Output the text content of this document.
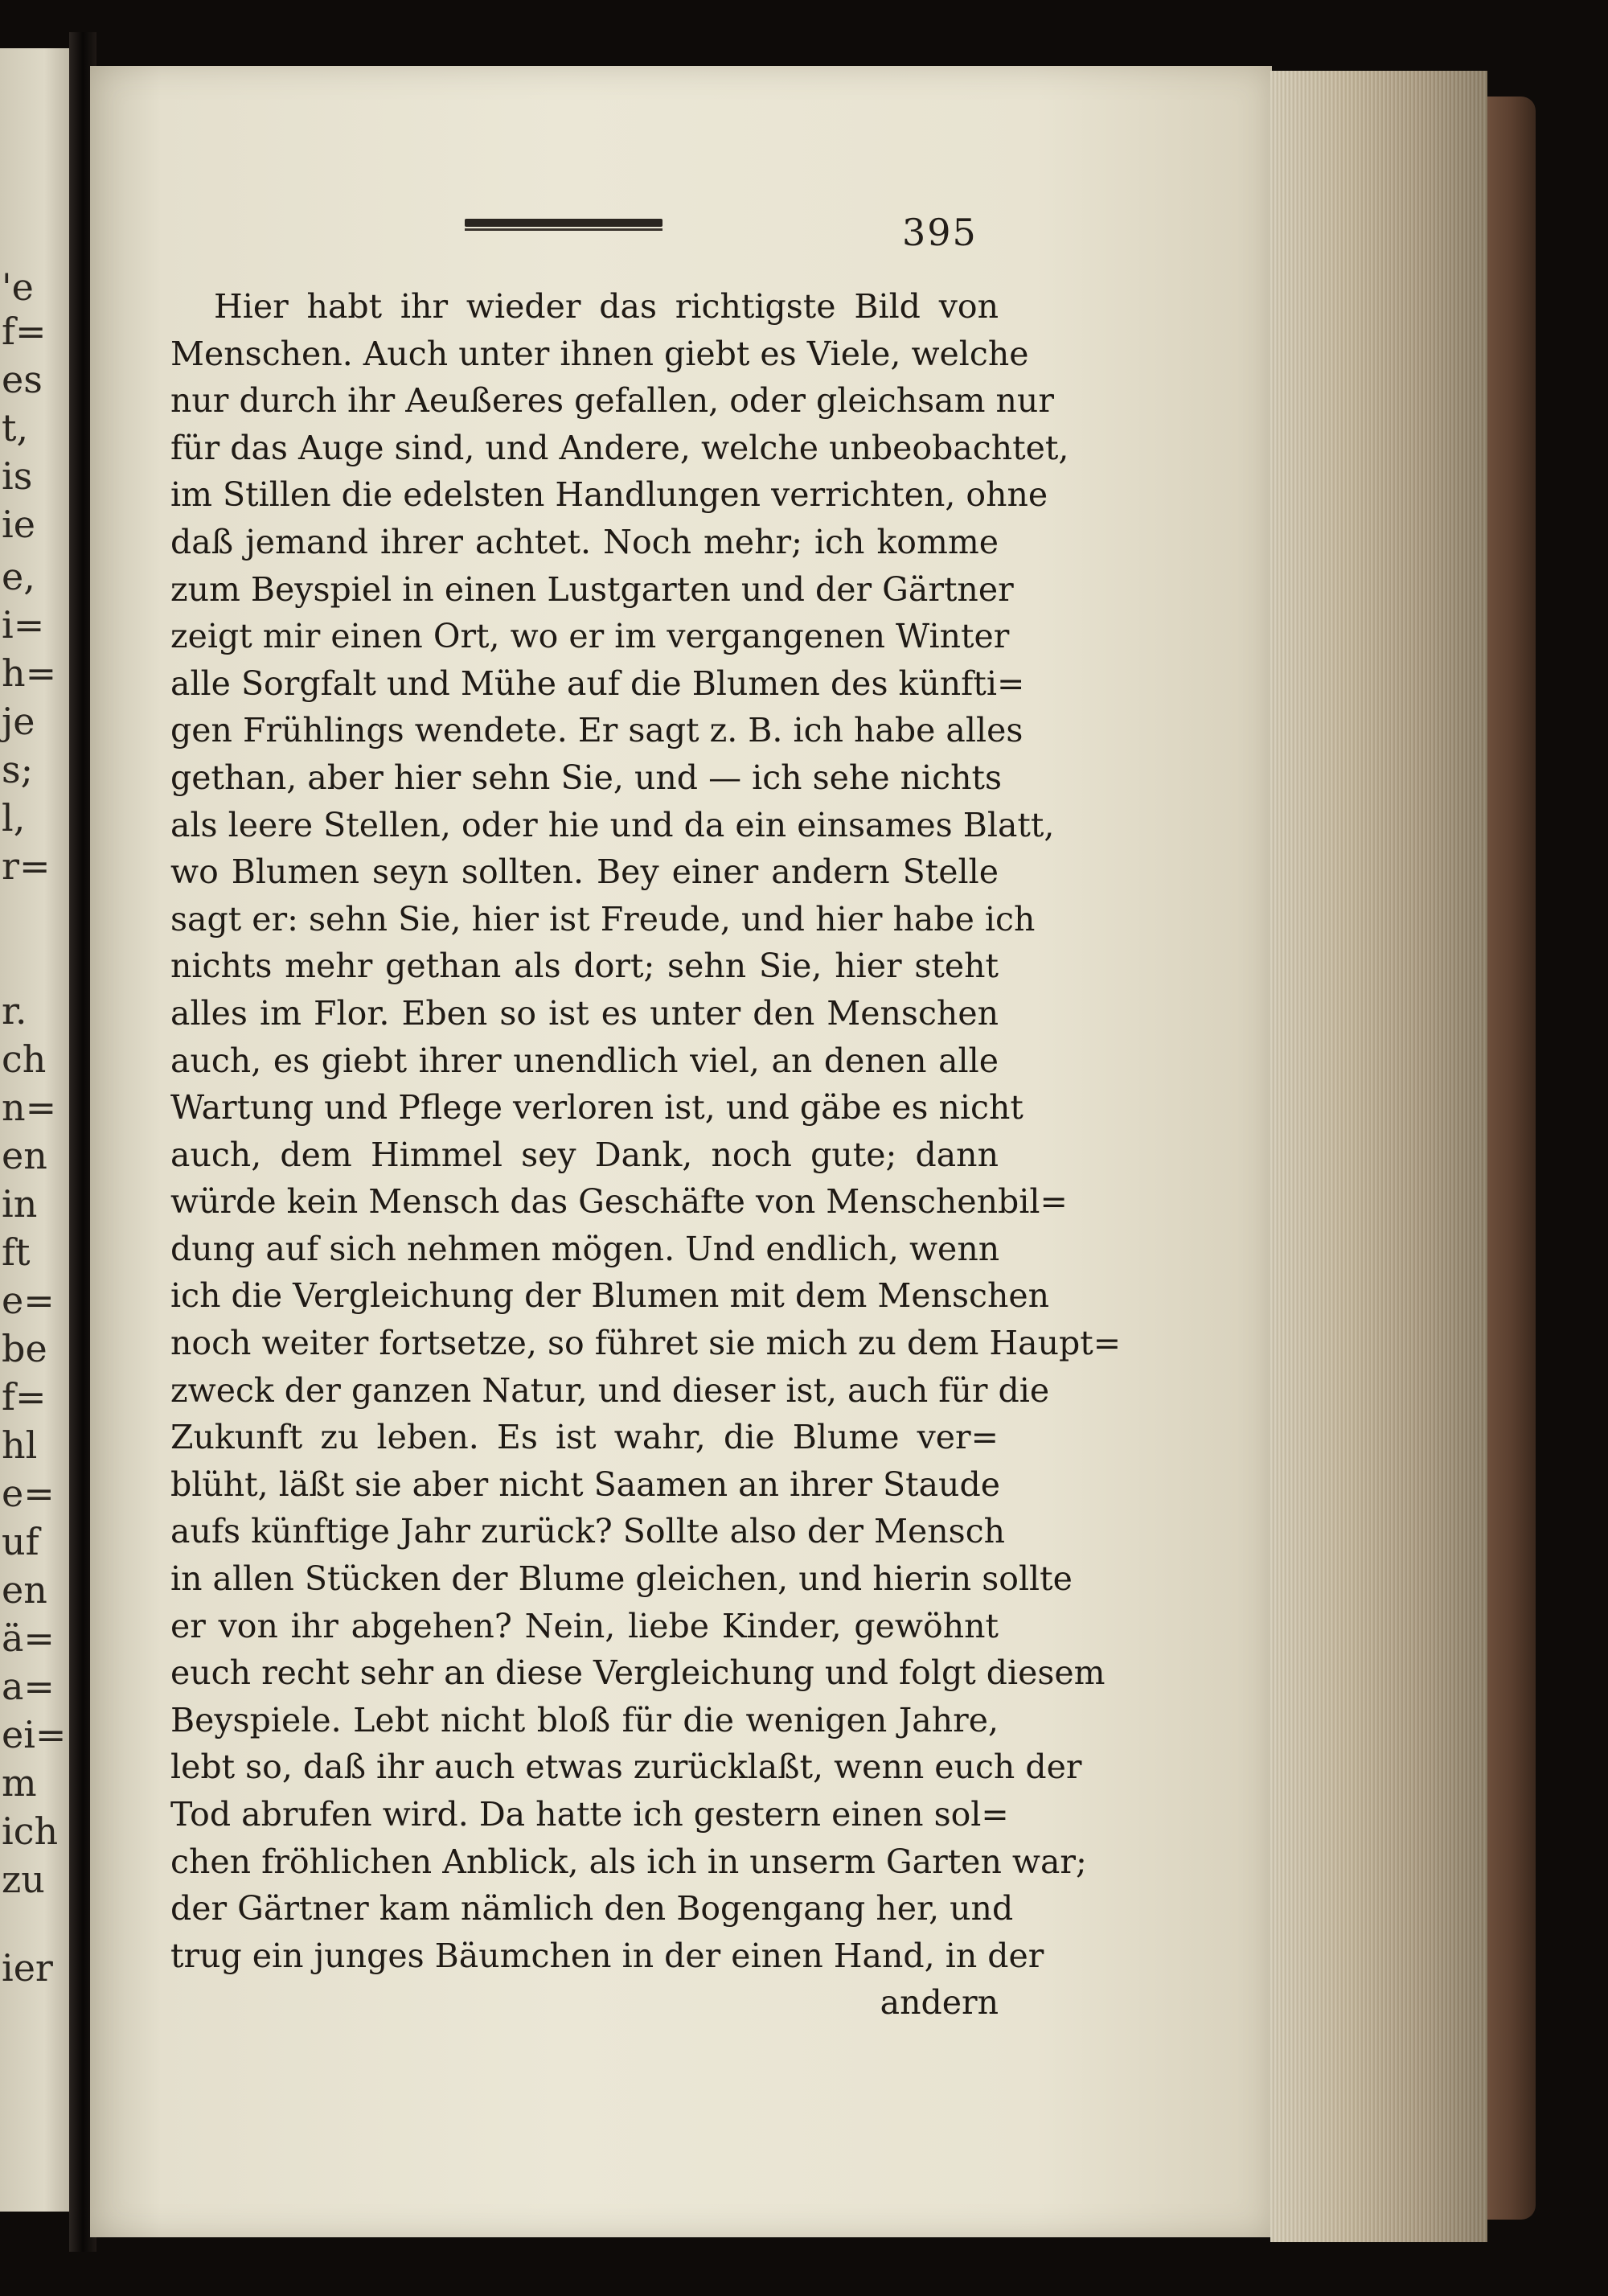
'e
f=
es
t,
is
ie
e,
i=
h=
je
s;
l,
r=
r.
ch
n=
en
in
ft
e=
be
f=
hl
e=
uf
en
ä=
a=
ei=
m
ich
zu
ier
395
Hier habt ihr wieder das richtigste Bild von
Menschen. Auch unter ihnen giebt es Viele, welche
nur durch ihr Aeußeres gefallen, oder gleichsam nur
für das Auge sind, und Andere, welche unbeobachtet,
im Stillen die edelsten Handlungen verrichten, ohne
daß jemand ihrer achtet. Noch mehr; ich komme
zum Beyspiel in einen Lustgarten und der Gärtner
zeigt mir einen Ort, wo er im vergangenen Winter
alle Sorgfalt und Mühe auf die Blumen des künfti=
gen Frühlings wendete. Er sagt z. B. ich habe alles
gethan, aber hier sehn Sie, und — ich sehe nichts
als leere Stellen, oder hie und da ein einsames Blatt,
wo Blumen seyn sollten. Bey einer andern Stelle
sagt er: sehn Sie, hier ist Freude, und hier habe ich
nichts mehr gethan als dort; sehn Sie, hier steht
alles im Flor. Eben so ist es unter den Menschen
auch, es giebt ihrer unendlich viel, an denen alle
Wartung und Pflege verloren ist, und gäbe es nicht
auch, dem Himmel sey Dank, noch gute; dann
würde kein Mensch das Geschäfte von Menschenbil=
dung auf sich nehmen mögen. Und endlich, wenn
ich die Vergleichung der Blumen mit dem Menschen
noch weiter fortsetze, so führet sie mich zu dem Haupt=
zweck der ganzen Natur, und dieser ist, auch für die
Zukunft zu leben. Es ist wahr, die Blume ver=
blüht, läßt sie aber nicht Saamen an ihrer Staude
aufs künftige Jahr zurück? Sollte also der Mensch
in allen Stücken der Blume gleichen, und hierin sollte
er von ihr abgehen? Nein, liebe Kinder, gewöhnt
euch recht sehr an diese Vergleichung und folgt diesem
Beyspiele. Lebt nicht bloß für die wenigen Jahre,
lebt so, daß ihr auch etwas zurücklaßt, wenn euch der
Tod abrufen wird. Da hatte ich gestern einen sol=
chen fröhlichen Anblick, als ich in unserm Garten war;
der Gärtner kam nämlich den Bogengang her, und
trug ein junges Bäumchen in der einen Hand, in der
andern
